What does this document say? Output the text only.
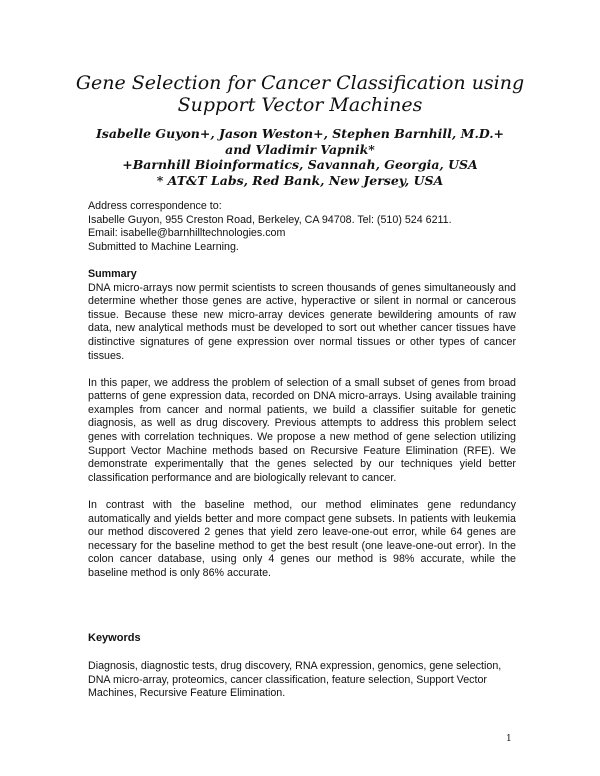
Gene Selection for Cancer Classification using
Support Vector Machines
Isabelle Guyon+, Jason Weston+, Stephen Barnhill, M.D.+
and Vladimir Vapnik*
+Barnhill Bioinformatics, Savannah, Georgia, USA
* AT&T Labs, Red Bank, New Jersey, USA
Address correspondence to:
Isabelle Guyon, 955 Creston Road, Berkeley, CA 94708. Tel: (510) 524 6211.
Email: isabelle@barnhilltechnologies.com
Submitted to Machine Learning.
Summary

DNA micro-arrays now permit scientists to screen thousands of genes simultaneously and determine whether those genes are active, hyperactive or silent in normal or cancerous tissue. Because these new micro-array devices generate bewildering amounts of raw data, new analytical methods must be developed to sort out whether cancer tissues have distinctive signatures of gene expression over normal tissues or other types of cancer tissues.

In this paper, we address the problem of selection of a small subset of genes from broad patterns of gene expression data, recorded on DNA micro-arrays. Using available training examples from cancer and normal patients, we build a classifier suitable for genetic diagnosis, as well as drug discovery. Previous attempts to address this problem select genes with correlation techniques. We propose a new method of gene selection utilizing Support Vector Machine methods based on Recursive Feature Elimination (RFE). We demonstrate experimentally that the genes selected by our techniques yield better classification performance and are biologically relevant to cancer.

In contrast with the baseline method, our method eliminates gene redundancy automatically and yields better and more compact gene subsets. In patients with leukemia our method discovered 2 genes that yield zero leave-one-out error, while 64 genes are necessary for the baseline method to get the best result (one leave-one-out error). In the colon cancer database, using only 4 genes our method is 98% accurate, while the baseline method is only 86% accurate.

Keywords

Diagnosis, diagnostic tests, drug discovery, RNA expression, genomics, gene selection, DNA micro-array, proteomics, cancer classification, feature selection, Support Vector Machines, Recursive Feature Elimination.

1
